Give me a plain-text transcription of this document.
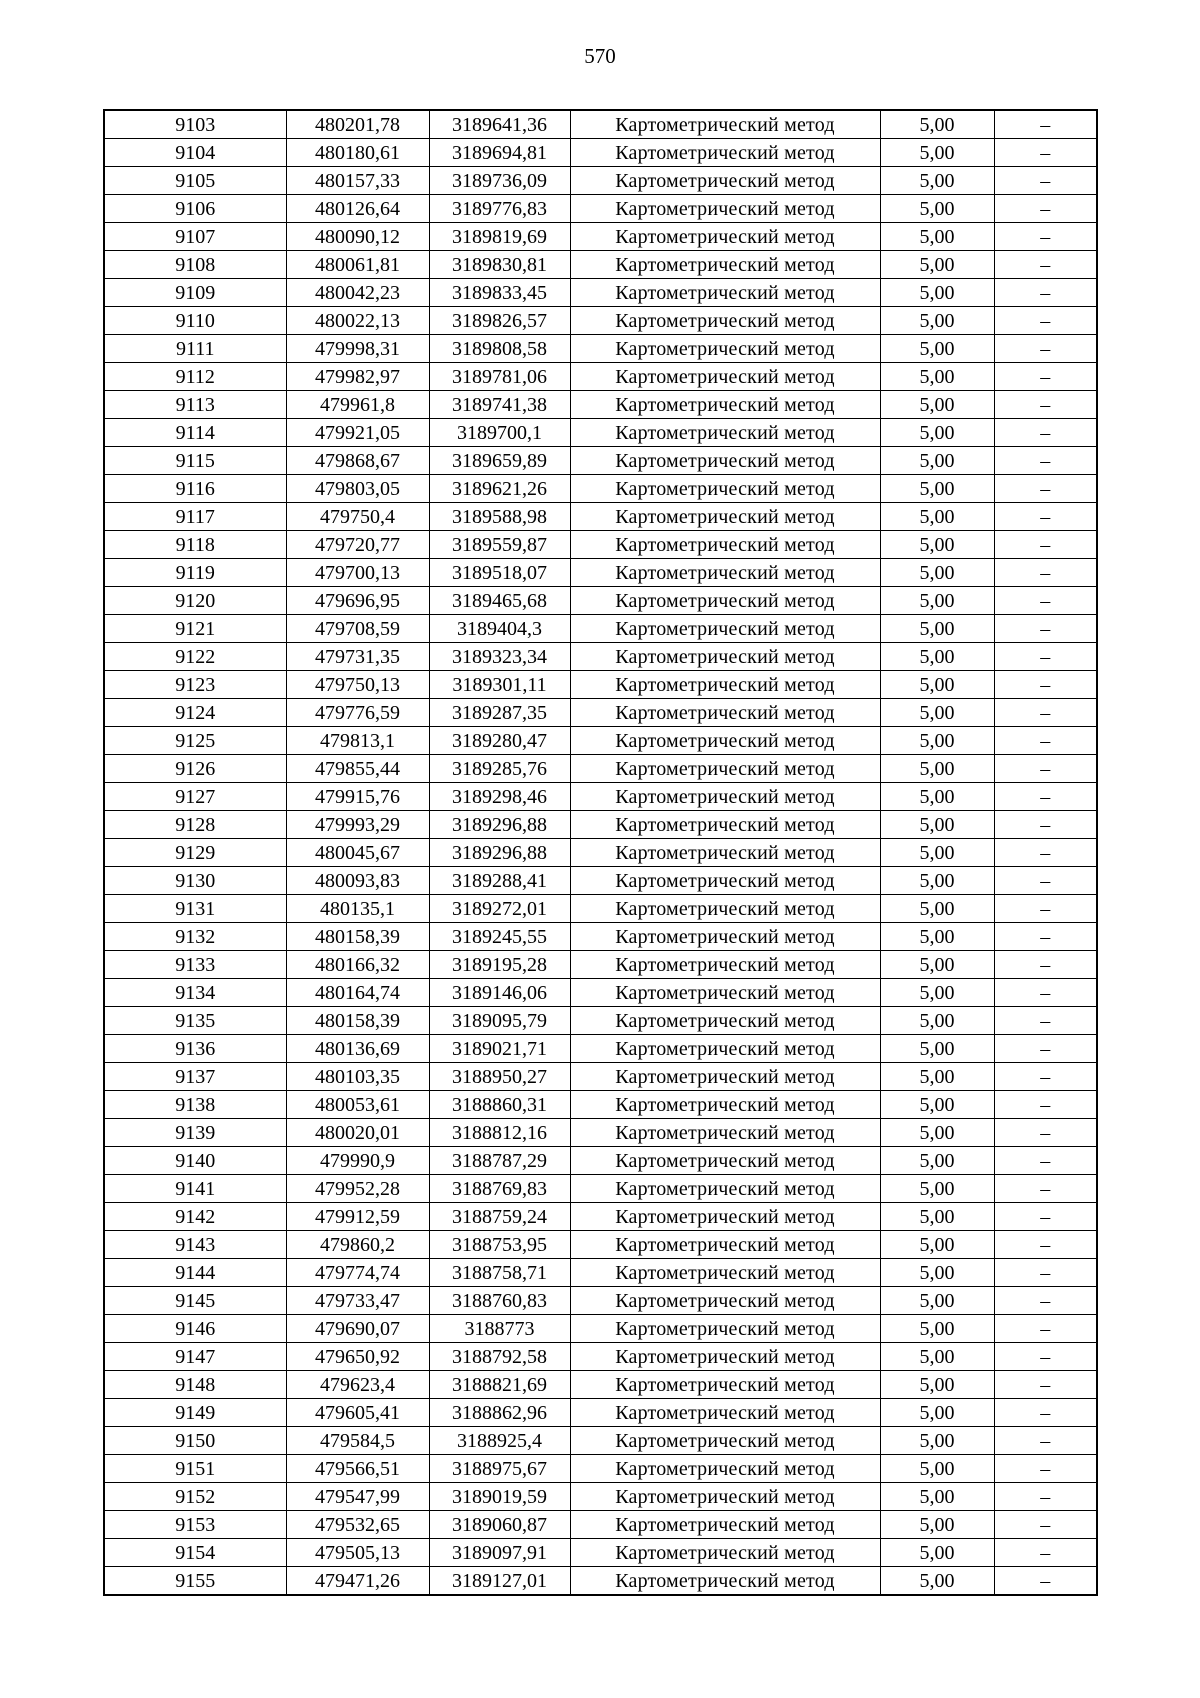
570
9103	480201,78	3189641,36	Картометрический метод	5,00	–
9104	480180,61	3189694,81	Картометрический метод	5,00	–
9105	480157,33	3189736,09	Картометрический метод	5,00	–
9106	480126,64	3189776,83	Картометрический метод	5,00	–
9107	480090,12	3189819,69	Картометрический метод	5,00	–
9108	480061,81	3189830,81	Картометрический метод	5,00	–
9109	480042,23	3189833,45	Картометрический метод	5,00	–
9110	480022,13	3189826,57	Картометрический метод	5,00	–
9111	479998,31	3189808,58	Картометрический метод	5,00	–
9112	479982,97	3189781,06	Картометрический метод	5,00	–
9113	479961,8	3189741,38	Картометрический метод	5,00	–
9114	479921,05	3189700,1	Картометрический метод	5,00	–
9115	479868,67	3189659,89	Картометрический метод	5,00	–
9116	479803,05	3189621,26	Картометрический метод	5,00	–
9117	479750,4	3189588,98	Картометрический метод	5,00	–
9118	479720,77	3189559,87	Картометрический метод	5,00	–
9119	479700,13	3189518,07	Картометрический метод	5,00	–
9120	479696,95	3189465,68	Картометрический метод	5,00	–
9121	479708,59	3189404,3	Картометрический метод	5,00	–
9122	479731,35	3189323,34	Картометрический метод	5,00	–
9123	479750,13	3189301,11	Картометрический метод	5,00	–
9124	479776,59	3189287,35	Картометрический метод	5,00	–
9125	479813,1	3189280,47	Картометрический метод	5,00	–
9126	479855,44	3189285,76	Картометрический метод	5,00	–
9127	479915,76	3189298,46	Картометрический метод	5,00	–
9128	479993,29	3189296,88	Картометрический метод	5,00	–
9129	480045,67	3189296,88	Картометрический метод	5,00	–
9130	480093,83	3189288,41	Картометрический метод	5,00	–
9131	480135,1	3189272,01	Картометрический метод	5,00	–
9132	480158,39	3189245,55	Картометрический метод	5,00	–
9133	480166,32	3189195,28	Картометрический метод	5,00	–
9134	480164,74	3189146,06	Картометрический метод	5,00	–
9135	480158,39	3189095,79	Картометрический метод	5,00	–
9136	480136,69	3189021,71	Картометрический метод	5,00	–
9137	480103,35	3188950,27	Картометрический метод	5,00	–
9138	480053,61	3188860,31	Картометрический метод	5,00	–
9139	480020,01	3188812,16	Картометрический метод	5,00	–
9140	479990,9	3188787,29	Картометрический метод	5,00	–
9141	479952,28	3188769,83	Картометрический метод	5,00	–
9142	479912,59	3188759,24	Картометрический метод	5,00	–
9143	479860,2	3188753,95	Картометрический метод	5,00	–
9144	479774,74	3188758,71	Картометрический метод	5,00	–
9145	479733,47	3188760,83	Картометрический метод	5,00	–
9146	479690,07	3188773	Картометрический метод	5,00	–
9147	479650,92	3188792,58	Картометрический метод	5,00	–
9148	479623,4	3188821,69	Картометрический метод	5,00	–
9149	479605,41	3188862,96	Картометрический метод	5,00	–
9150	479584,5	3188925,4	Картометрический метод	5,00	–
9151	479566,51	3188975,67	Картометрический метод	5,00	–
9152	479547,99	3189019,59	Картометрический метод	5,00	–
9153	479532,65	3189060,87	Картометрический метод	5,00	–
9154	479505,13	3189097,91	Картометрический метод	5,00	–
9155	479471,26	3189127,01	Картометрический метод	5,00	–
